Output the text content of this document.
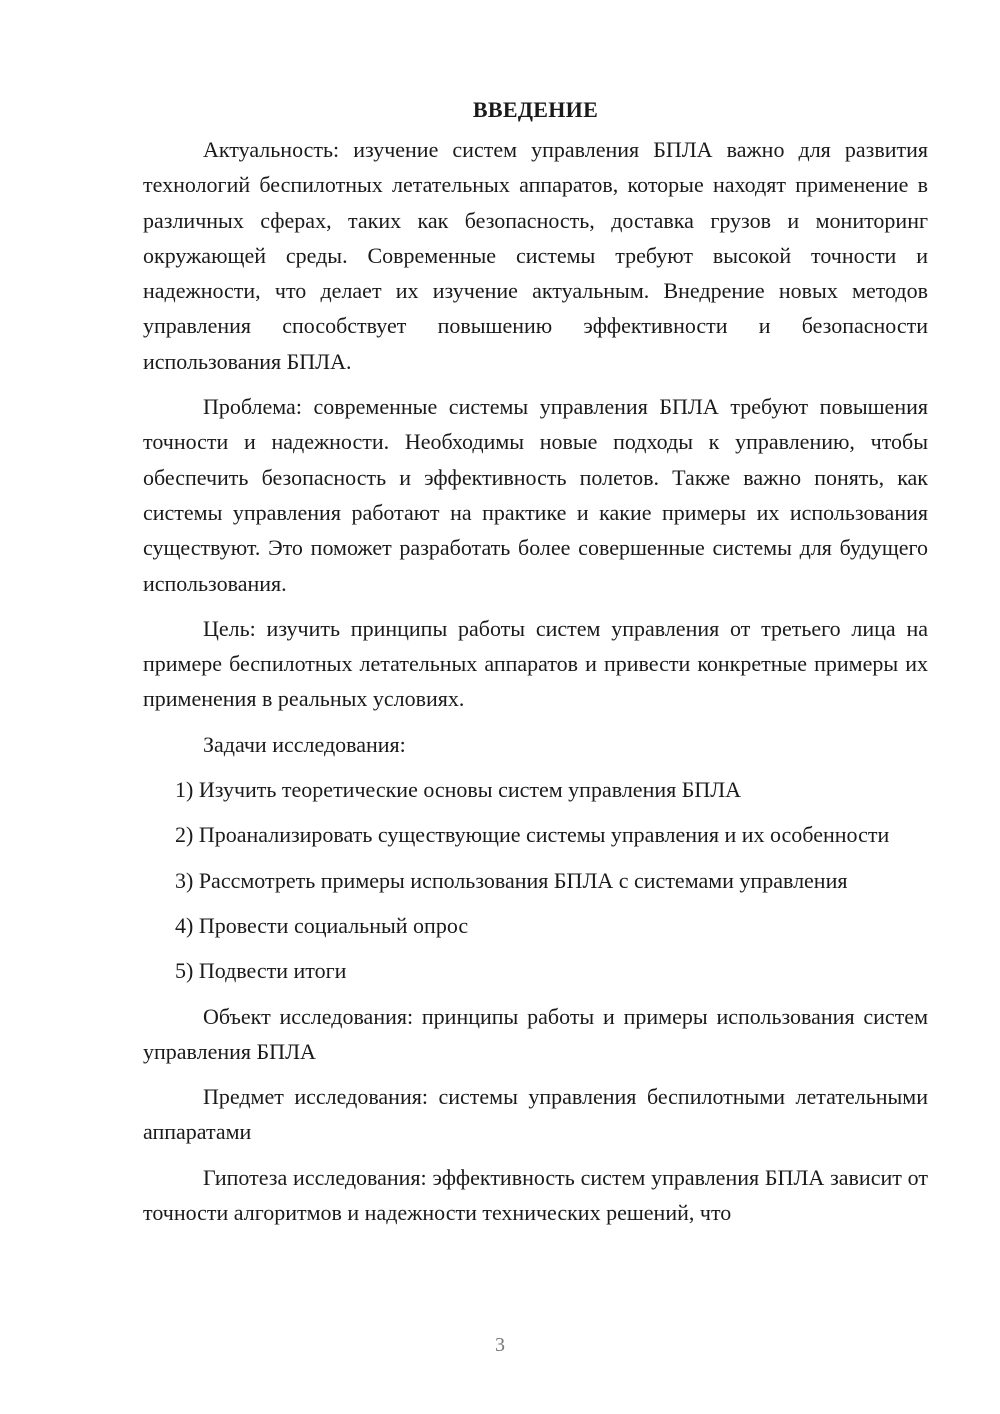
ВВЕДЕНИЕ

Актуальность: изучение систем управления БПЛА важно для развития технологий беспилотных летательных аппаратов, которые находят применение в различных сферах, таких как безопасность, доставка грузов и мониторинг окружающей среды. Современные системы требуют высокой точности и надежности, что делает их изучение актуальным. Внедрение новых методов управления способствует повышению эффективности и безопасности использования БПЛА.

Проблема: современные системы управления БПЛА требуют повышения точности и надежности. Необходимы новые подходы к управлению, чтобы обеспечить безопасность и эффективность полетов. Также важно понять, как системы управления работают на практике и какие примеры их использования существуют. Это поможет разработать более совершенные системы для будущего использования.

Цель: изучить принципы работы систем управления от третьего лица на примере беспилотных летательных аппаратов и привести конкретные примеры их применения в реальных условиях.

Задачи исследования:

1) Изучить теоретические основы систем управления БПЛА

2) Проанализировать существующие системы управления и их особенности

3) Рассмотреть примеры использования БПЛА с системами управления

4) Провести социальный опрос

5) Подвести итоги

Объект исследования: принципы работы и примеры использования систем управления БПЛА

Предмет исследования: системы управления беспилотными летательными аппаратами

Гипотеза исследования: эффективность систем управления БПЛА зависит от точности алгоритмов и надежности технических решений, что

3
